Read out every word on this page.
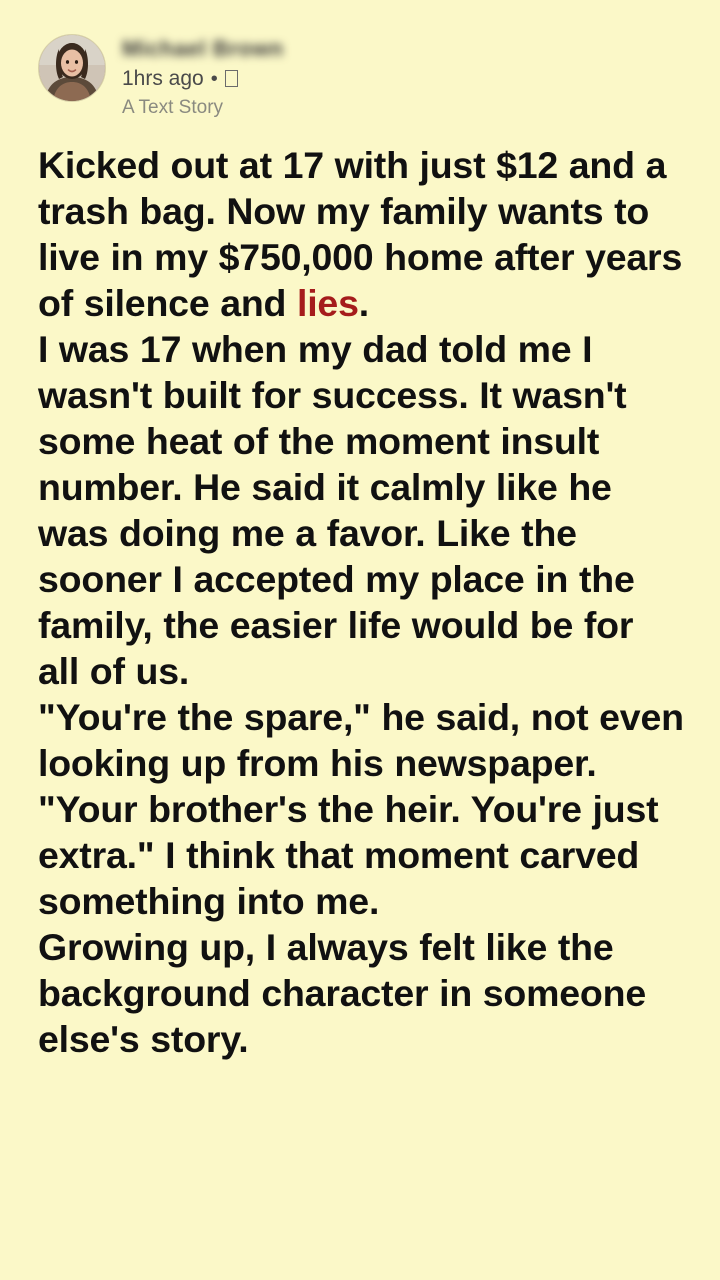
Michael Brown
1hrs ago •
A Text Story

Kicked out at 17 with just $12 and a trash bag. Now my family wants to live in my $750,000 home after years of silence and lies.

I was 17 when my dad told me I wasn't built for success. It wasn't some heat of the moment insult number. He said it calmly like he was doing me a favor. Like the sooner I accepted my place in the family, the easier life would be for all of us.

"You're the spare," he said, not even looking up from his newspaper. "Your brother's the heir. You're just extra." I think that moment carved something into me.

Growing up, I always felt like the background character in someone else's story.
